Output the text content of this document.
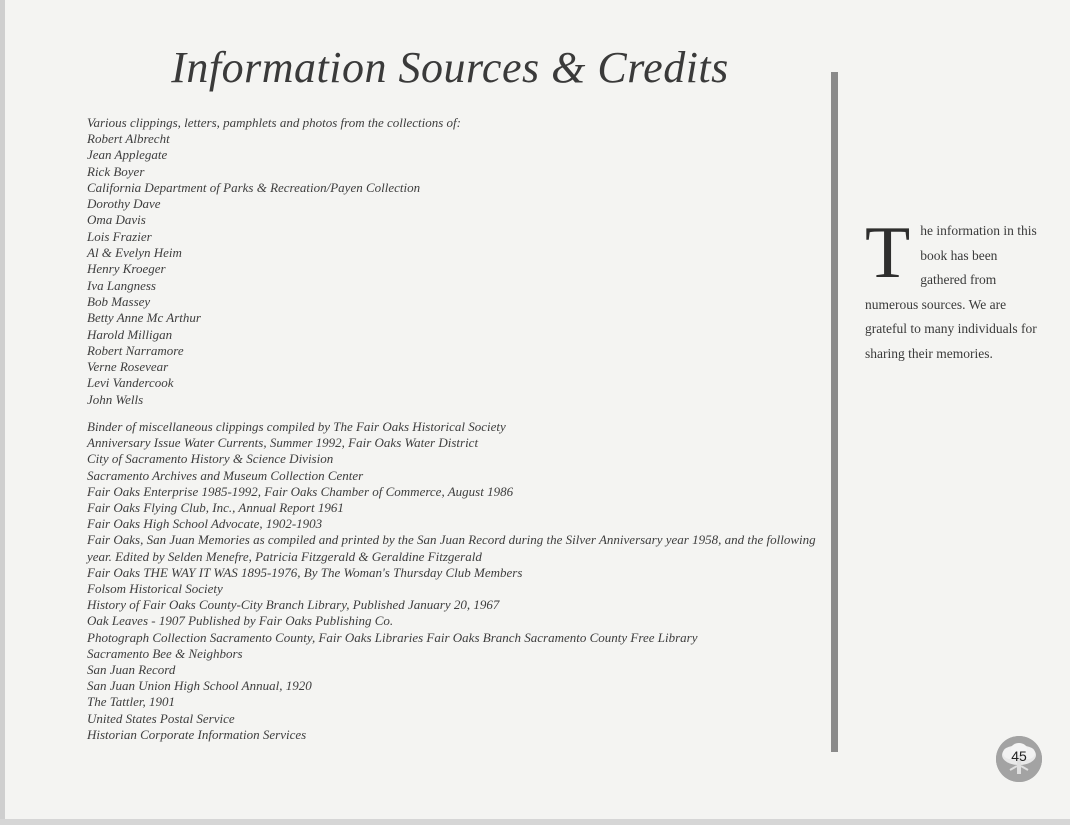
Information Sources & Credits
Various clippings, letters, pamphlets and photos from the collections of:
Robert Albrecht
Jean Applegate
Rick Boyer
California Department of Parks & Recreation/Payen Collection
Dorothy Dave
Oma Davis
Lois Frazier
Al & Evelyn Heim
Henry Kroeger
Iva Langness
Bob Massey
Betty Anne Mc Arthur
Harold Milligan
Robert Narramore
Verne Rosevear
Levi Vandercook
John Wells
Binder of miscellaneous clippings compiled by The Fair Oaks Historical Society
Anniversary Issue Water Currents, Summer 1992, Fair Oaks Water District
City of Sacramento History & Science Division
Sacramento Archives and Museum Collection Center
Fair Oaks Enterprise 1985-1992, Fair Oaks Chamber of Commerce, August 1986
Fair Oaks Flying Club, Inc., Annual Report 1961
Fair Oaks High School Advocate, 1902-1903
Fair Oaks, San Juan Memories as compiled and printed by the San Juan Record during the Silver Anniversary year 1958, and the following year. Edited by Selden Menefre, Patricia Fitzgerald & Geraldine Fitzgerald
Fair Oaks THE WAY IT WAS 1895-1976, By The Woman's Thursday Club Members
Folsom Historical Society
History of Fair Oaks County-City Branch Library, Published January 20, 1967
Oak Leaves - 1907 Published by Fair Oaks Publishing Co.
Photograph Collection Sacramento County, Fair Oaks Libraries Fair Oaks Branch Sacramento County Free Library
Sacramento Bee & Neighbors
San Juan Record
San Juan Union High School Annual, 1920
The Tattler, 1901
United States Postal Service
Historian Corporate Information Services
T he information in this book has been gathered from numerous sources. We are grateful to many individuals for sharing their memories.
45
